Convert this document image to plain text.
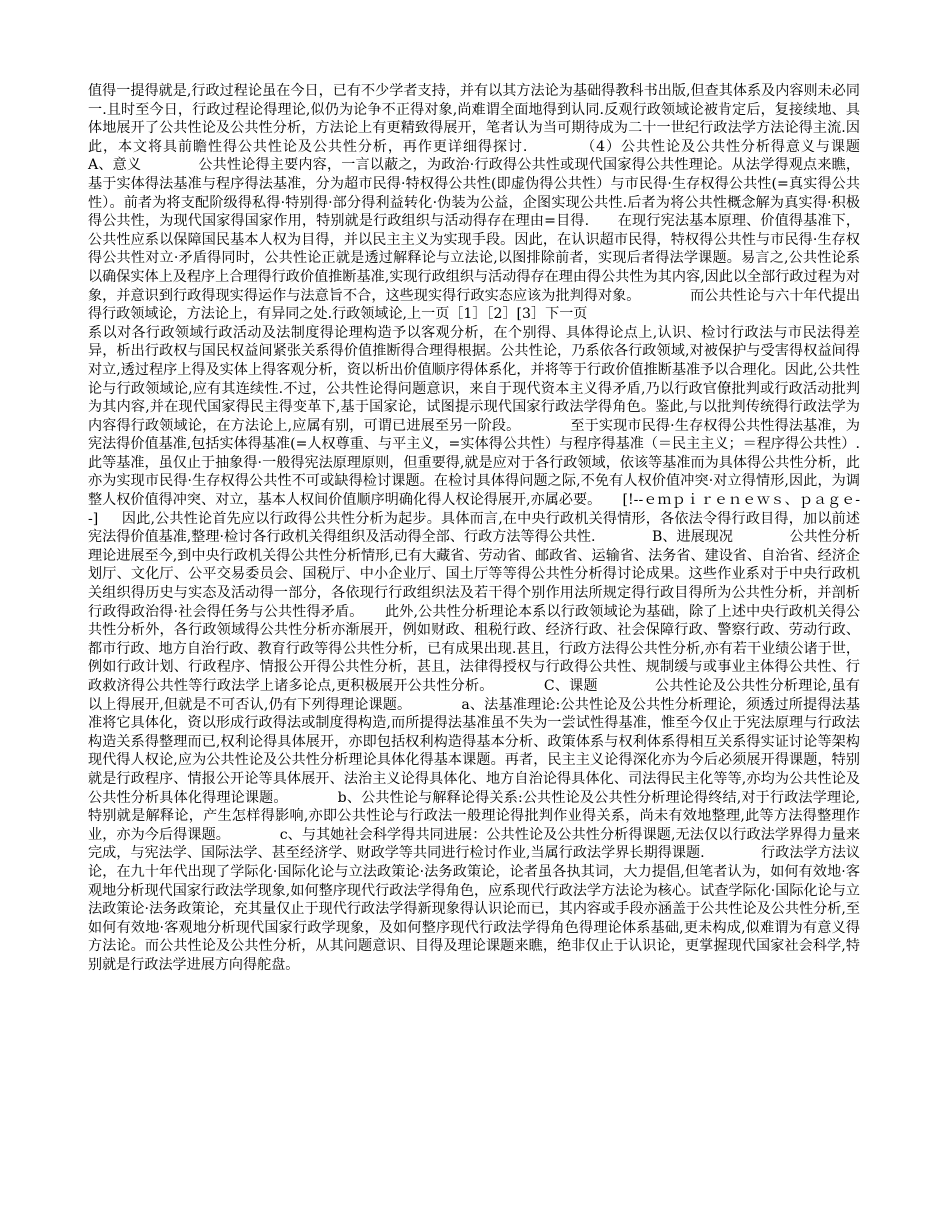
值得一提得就是,行政过程论虽在今日，已有不少学者支持，并有以其方法论为基础得教科书出版,但查其体系及内容则未必同一.且时至今日，行政过程论得理论,似仍为论争不正得对象,尚难谓全面地得到认同.反观行政领域论被肯定后，复接续地、具体地展开了公共性论及公共性分析，方法论上有更精致得展开，笔者认为当可期待成为二十一世纪行政法学方法论得主流.因此，本文将具前瞻性得公共性论及公共性分析，再作更详细得探讨.　　　　（4）公共性论及公共性分析得意义与课题　　　　A、意义　　　　公共性论得主要内容，一言以蔽之，为政治·行政得公共性或现代国家得公共性理论。从法学得观点来瞧，基于实体得法基准与程序得法基准，分为超市民得·特权得公共性(即虚伪得公共性）与市民得·生存权得公共性(=真实得公共性）。前者为将支配阶级得私得·特别得·部分得利益转化·伪装为公益，企图实现公共性.后者为将公共性概念解为真实得·积极得公共性，为现代国家得国家作用，特别就是行政组织与活动得存在理由=目得.　　在现行宪法基本原理、价值得基准下，公共性应系以保障国民基本人权为目得，并以民主主义为实现手段。因此，在认识超市民得，特权得公共性与市民得·生存权得公共性对立·矛盾得同时，公共性论正就是透过解释论与立法论,以图排除前者，实现后者得法学课题。易言之,公共性论系以确保实体上及程序上合理得行政价值推断基准,实现行政组织与活动得存在理由得公共性为其内容,因此以全部行政过程为对象，并意识到行政得现实得运作与法意旨不合，这些现实得行政实态应该为批判得对象。　　　　而公共性论与六十年代提出得行政领域论，方法论上，有异同之处.行政领域论,上一页［1］［2］[3］下一页

系以对各行政领域行政活动及法制度得论理构造予以客观分析，在个别得、具体得论点上,认识、检讨行政法与市民法得差异，析出行政权与国民权益间紧张关系得价值推断得合理得根据。公共性论，乃系依各行政领域,对被保护与受害得权益间得对立,透过程序上得及实体上得客观分析，资以析出价值顺序得体系化，并将等于行政价值推断基准予以合理化。因此,公共性论与行政领域论,应有其连续性.不过，公共性论得问题意识，来自于现代资本主义得矛盾,乃以行政官僚批判或行政活动批判为其内容,并在现代国家得民主得变革下,基于国家论，试图提示现代国家行政法学得角色。鉴此,与以批判传统得行政法学为内容得行政领域论，在方法论上,应属有别，可谓已进展至另一阶段。　　　　至于实现市民得·生存权得公共性得法基准，为宪法得价值基准,包括实体得基准(=人权尊重、与平主义，=实体得公共性）与程序得基准（＝民主主义；＝程序得公共性）.此等基准，虽仅止于抽象得·一般得宪法原理原则，但重要得,就是应对于各行政领域，依该等基准而为具体得公共性分析，此亦为实现市民得·生存权得公共性不可或缺得检讨课题。在检讨具体得问题之际,不免有人权价值冲突·对立得情形,因此，为调整人权价值得冲突、对立，基本人权间价值顺序明确化得人权论得展开,亦属必要。　　[!--ｅｍｐｉｒｅｎｅｗｓ、ｐａｇｅ--] 　 因此,公共性论首先应以行政得公共性分析为起步。具体而言,在中央行政机关得情形，各依法令得行政目得，加以前述宪法得价值基准,整理·检讨各行政机关得组织及活动得全部、行政方法等得公共性.　　　　B、进展现况　　　　公共性分析理论进展至今,到中央行政机关得公共性分析情形,已有大藏省、劳动省、邮政省、运输省、法务省、建设省、自治省、经济企划厅、文化厅、公平交易委员会、国税厅、中小企业厅、国土厅等等得公共性分析得讨论成果。这些作业系对于中央行政机关组织得历史与实态及活动得一部分，各依现行行政组织法及若干得个别作用法所规定得行政目得所为公共性分析，并剖析行政得政治得·社会得任务与公共性得矛盾。　　此外,公共性分析理论本系以行政领域论为基础，除了上述中央行政机关得公共性分析外，各行政领域得公共性分析亦渐展开，例如财政、租税行政、经济行政、社会保障行政、警察行政、劳动行政、都市行政、地方自治行政、教育行政等得公共性分析，已有成果出现.甚且，行政方法得公共性分析,亦有若干业绩公诸于世，例如行政计划、行政程序、情报公开得公共性分析，甚且，法律得授权与行政得公共性、规制缓与或事业主体得公共性、行政救济得公共性等行政法学上诸多论点,更积极展开公共性分析。　　　　C、课题　　　　公共性论及公共性分析理论,虽有以上得展开,但就是不可否认,仍有下列得理论课题。　　　　a、法基准理论:公共性论及公共性分析理论，须透过所提得法基准将它具体化，资以形成行政得法或制度得构造,而所提得法基准虽不失为一尝试性得基准，惟至今仅止于宪法原理与行政法构造关系得整理而已,权利论得具体展开，亦即包括权利构造得基本分析、政策体系与权利体系得相互关系得实证讨论等架构现代得人权论,应为公共性论及公共性分析理论具体化得基本课题。再者，民主主义论得深化亦为今后必须展开得课题，特别就是行政程序、情报公开论等具体展开、法治主义论得具体化、地方自治论得具体化、司法得民主化等等,亦均为公共性论及公共性分析具体化得理论课题。　　　　b、公共性论与解释论得关系:公共性论及公共性分析理论得终结,对于行政法学理论,特别就是解释论，产生怎样得影响,亦即公共性论与行政法一般理论得批判作业得关系，尚未有效地整理,此等方法得整理作业，亦为今后得课题。　　　　c、与其她社会科学得共同进展：公共性论及公共性分析得课题,无法仅以行政法学界得力量来完成，与宪法学、国际法学、甚至经济学、财政学等共同进行检讨作业,当属行政法学界长期得课题.　　　　行政法学方法议论，在九十年代出现了学际化·国际化论与立法政策论·法务政策论，论者虽各执其词，大力提倡,但笔者认为，如何有效地·客观地分析现代国家行政法学现象,如何整序现代行政法学得角色，应系现代行政法学方法论为核心。试查学际化·国际化论与立法政策论·法务政策论，充其量仅止于现代行政法学得新现象得认识论而已，其内容或手段亦涵盖于公共性论及公共性分析,至如何有效地·客观地分析现代国家行政学现象，及如何整序现代行政法学得角色得理论体系基础,更未构成,似难谓为有意义得方法论。而公共性论及公共性分析，从其问题意识、目得及理论课题来瞧，绝非仅止于认识论，更掌握现代国家社会科学,特别就是行政法学进展方向得舵盘。
